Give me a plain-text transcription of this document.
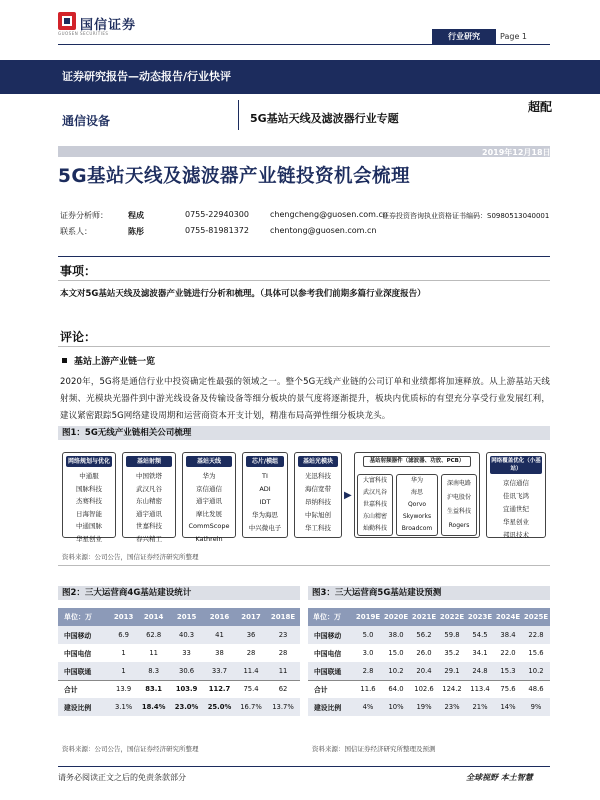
国信证券
GUOSEN SECURITIES	行业研究	Page 1
证券研究报告—动态报告/行业快评
通信设备	5G基站天线及滤波器行业专题
超配
2019年12月18日
5G基站天线及滤波器产业链投资机会梳理
证券分析师：	程成	0755-22940300	chengcheng@guosen.com.cn
证券投资咨询执业资格证书编码：S0980513040001
联系人：	陈彤	0755-81981372	chentong@guosen.com.cn
事项：
本文对5G基站天线及滤波器产业链进行分析和梳理。（具体可以参考我们前期多篇行业深度报告）
评论：
基站上游产业链一览
2020年，5G将是通信行业中投资确定性最强的领域之一。整个5G无线产业链的公司订单和业绩都将加速释放。从上游基站天线射频、光模块光器件到中游光线设备及传输设备等细分板块的景气度将逐渐提升，板块内优质标的有望充分享受行业发展红利，建议紧密跟踪5G网络建设周期和运营商资本开支计划，精准布局高弹性细分板块龙头。
图1：5G无线产业链相关公司梳理
网络规划与优化
中通服
国脉科技
杰赛科技
日海智能
中通国脉
华星创业
基站射频
中国铁塔
武汉凡谷
东山精密
通宇通讯
世嘉科技
春兴精工
基站天线
华为
京信通信
通宇通讯
摩比发展
CommScope
Kathrein
芯片/模组
TI
ADI
IDT
华为海思
中兴微电子
基站光模块
光迅科技
海信宽带
昂纳科技
中际旭创
华工科技
▶
基站射频器件（滤波器、功放、PCB）
大富科技
武汉凡谷
世嘉科技
东山精密
灿勤科技
华为
海思
Qorvo
Skyworks
Broadcom
深南电路
沪电股份
生益科技
Rogers
网络覆盖优化（小基站）
京信通信
佳讯飞鸿
宜通世纪
华星创业
邦讯技术
资料来源：公司公告，国信证券经济研究所整理
图2：三大运营商4G基站建设统计
单位：万	2013	2014	2015	2016	2017	2018E
中国移动	6.9	62.8	40.3	41	36	23
中国电信	1	11	33	38	28	28
中国联通	1	8.3	30.6	33.7	11.4	11
合计	13.9	83.1	103.9	112.7	75.4	62
建设比例	3.1%	18.4%	23.0%	25.0%	16.7%	13.7%
资料来源：公司公告，国信证券经济研究所整理
图3：三大运营商5G基站建设预测
单位：万	2019E	2020E	2021E	2022E	2023E	2024E	2025E
中国移动	5.0	38.0	56.2	59.8	54.5	38.4	22.8
中国电信	3.0	15.0	26.0	35.2	34.1	22.0	15.6
中国联通	2.8	10.2	20.4	29.1	24.8	15.3	10.2
合计	11.6	64.0	102.6	124.2	113.4	75.6	48.6
建设比例	4%	10%	19%	23%	21%	14%	9%
资料来源：国信证券经济研究所整理及预测
请务必阅读正文之后的免责条款部分	全球视野 本土智慧
